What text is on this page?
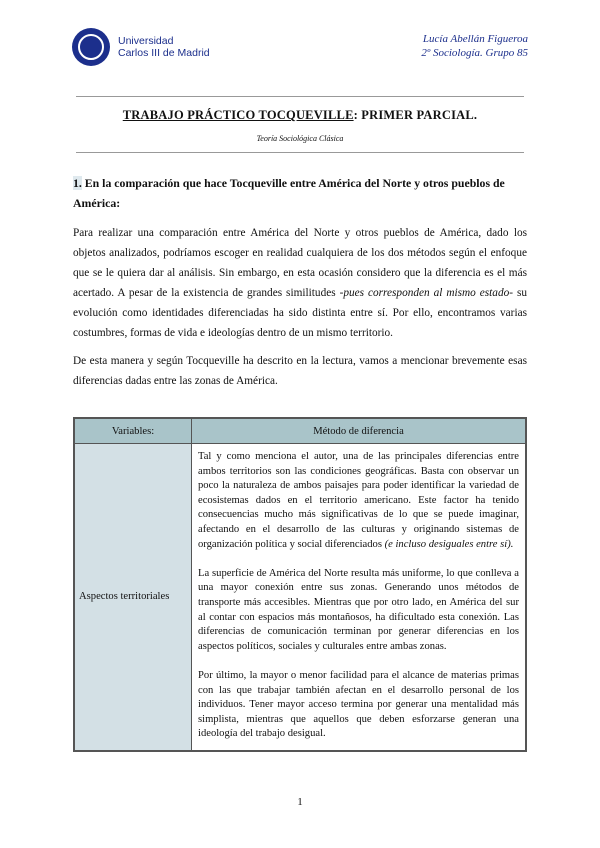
Universidad
Carlos III de Madrid
Lucía Abellán Figueroa
2º Sociología. Grupo 85
TRABAJO PRÁCTICO TOCQUEVILLE: PRIMER PARCIAL.
Teoría Sociológica Clásica
1. En la comparación que hace Tocqueville entre América del Norte y otros pueblos de América:

Para realizar una comparación entre América del Norte y otros pueblos de América, dado los objetos analizados, podríamos escoger en realidad cualquiera de los dos métodos según el enfoque que se le quiera dar al análisis. Sin embargo, en esta ocasión considero que la diferencia es el más acertado. A pesar de la existencia de grandes similitudes -pues corresponden al mismo estado- su evolución como identidades diferenciadas ha sido distinta entre sí. Por ello, encontramos varias costumbres, formas de vida e ideologías dentro de un mismo territorio.

De esta manera y según Tocqueville ha descrito en la lectura, vamos a mencionar brevemente esas diferencias dadas entre las zonas de América.

Variables:	Método de diferencia
Aspectos territoriales	Tal y como menciona el autor, una de las principales diferencias entre ambos territorios son las condiciones geográficas. Basta con observar un poco la naturaleza de ambos paisajes para poder identificar la variedad de ecosistemas dados en el territorio americano. Este factor ha tenido consecuencias mucho más significativas de lo que se puede imaginar, afectando en el desarrollo de las culturas y originando sistemas de organización política y social diferenciados (e incluso desiguales entre sí).
La superficie de América del Norte resulta más uniforme, lo que conlleva a una mayor conexión entre sus zonas. Generando unos métodos de transporte más accesibles. Mientras que por otro lado, en América del sur al contar con espacios más montañosos, ha dificultado esta conexión. Las diferencias de comunicación terminan por generar diferencias en los aspectos políticos, sociales y culturales entre ambas zonas.
Por último, la mayor o menor facilidad para el alcance de materias primas con las que trabajar también afectan en el desarrollo personal de los individuos. Tener mayor acceso termina por generar una mentalidad más simplista, mientras que aquellos que deben esforzarse generan una ideología del trabajo desigual.
1
